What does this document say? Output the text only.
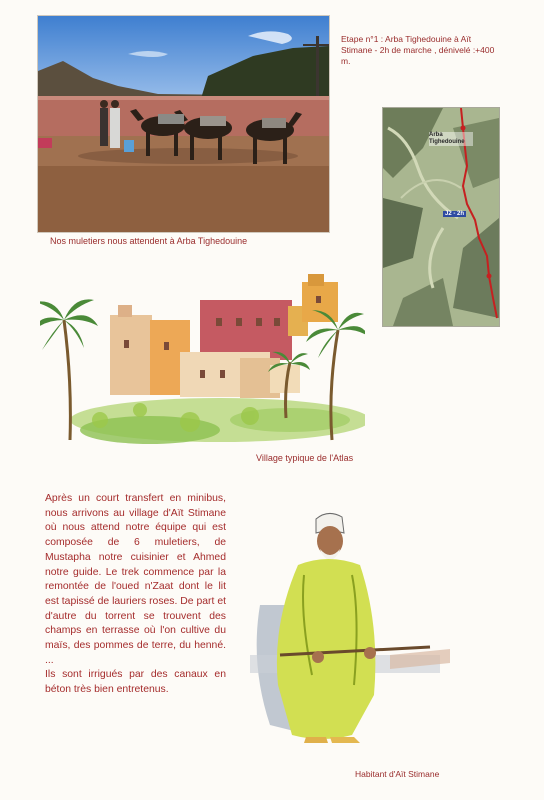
Nos muletiers nous attendent à Arba Tighedouine
Etape n°1 : Arba Tighedouine à Aït Stimane - 2h de marche , dénivelé :+400 m.
Arba Tighedouine
J2 - 2h
Village typique de l'Atlas

Après un court transfert en minibus, nous arrivons au village d'Aït Stimane où nous attend notre équipe qui est composée de 6 muletiers, de Mustapha notre cuisinier et Ahmed notre guide. Le trek commence par la remontée de l'oued n'Zaat dont le lit est tapissé de lauriers roses. De part et d'autre du torrent se trouvent des champs en terrasse où l'on cultive du maïs, des pommes de terre, du henné. ...

Ils sont irrigués par des canaux en béton très bien entretenus.

Habitant d'Aït Stimane
